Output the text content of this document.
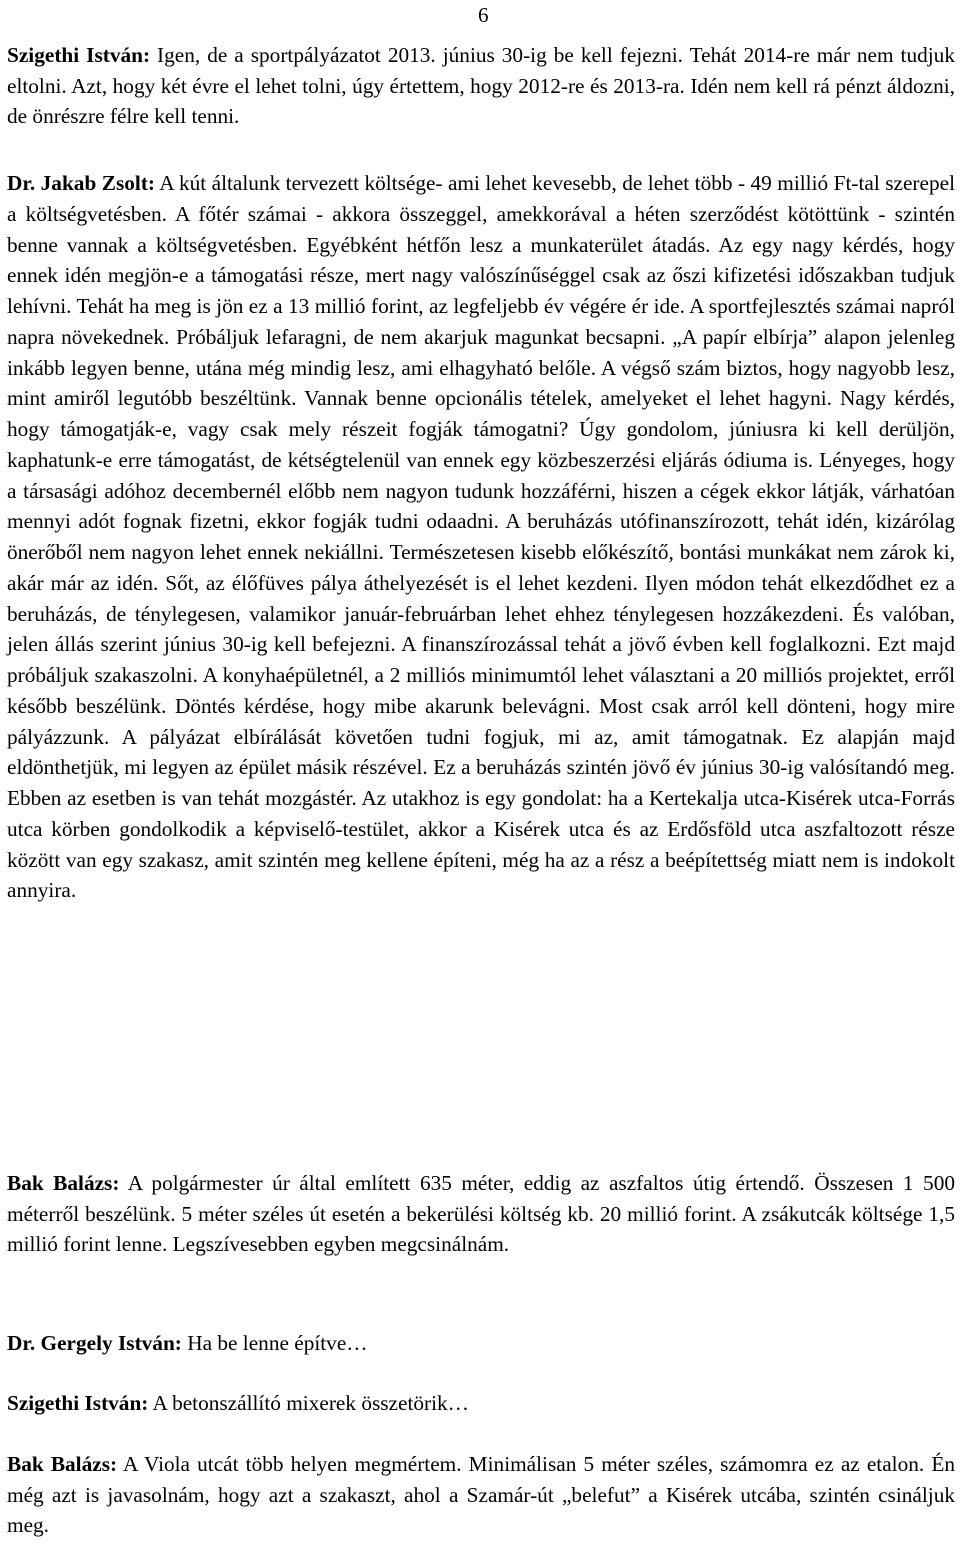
6

Szigethi István: Igen, de a sportpályázatot 2013. június 30-ig be kell fejezni. Tehát 2014-re már nem tudjuk eltolni. Azt, hogy két évre el lehet tolni, úgy értettem, hogy 2012-re és 2013-ra. Idén nem kell rá pénzt áldozni, de önrészre félre kell tenni.

Dr. Jakab Zsolt: A kút általunk tervezett költsége- ami lehet kevesebb, de lehet több - 49 millió Ft-tal szerepel a költségvetésben. A főtér számai - akkora összeggel, amekkorával a héten szerződést kötöttünk - szintén benne vannak a költségvetésben. Egyébként hétfőn lesz a munkaterület átadás. Az egy nagy kérdés, hogy ennek idén megjön-e a támogatási része, mert nagy valószínűséggel csak az őszi kifizetési időszakban tudjuk lehívni. Tehát ha meg is jön ez a 13 millió forint, az legfeljebb év végére ér ide. A sportfejlesztés számai napról napra növekednek. Próbáljuk lefaragni, de nem akarjuk magunkat becsapni. „A papír elbírja” alapon jelenleg inkább legyen benne, utána még mindig lesz, ami elhagyható belőle. A végső szám biztos, hogy nagyobb lesz, mint amiről legutóbb beszéltünk. Vannak benne opcionális tételek, amelyeket el lehet hagyni. Nagy kérdés, hogy támogatják-e, vagy csak mely részeit fogják támogatni? Úgy gondolom, júniusra ki kell derüljön, kaphatunk-e erre támogatást, de kétségtelenül van ennek egy közbeszerzési eljárás ódiuma is. Lényeges, hogy a társasági adóhoz decembernél előbb nem nagyon tudunk hozzáférni, hiszen a cégek ekkor látják, várhatóan mennyi adót fognak fizetni, ekkor fogják tudni odaadni. A beruházás utófinanszírozott, tehát idén, kizárólag önerőből nem nagyon lehet ennek nekiállni. Természetesen kisebb előkészítő, bontási munkákat nem zárok ki, akár már az idén. Sőt, az élőfüves pálya áthelyezését is el lehet kezdeni. Ilyen módon tehát elkezdődhet ez a beruházás, de ténylegesen, valamikor január-februárban lehet ehhez ténylegesen hozzákezdeni. És valóban, jelen állás szerint június 30-ig kell befejezni. A finanszírozással tehát a jövő évben kell foglalkozni. Ezt majd próbáljuk szakaszolni. A konyhaépületnél, a 2 milliós minimumtól lehet választani a 20 milliós projektet, erről később beszélünk. Döntés kérdése, hogy mibe akarunk belevágni. Most csak arról kell dönteni, hogy mire pályázzunk. A pályázat elbírálását követően tudni fogjuk, mi az, amit támogatnak. Ez alapján majd eldönthetjük, mi legyen az épület másik részével. Ez a beruházás szintén jövő év június 30-ig valósítandó meg. Ebben az esetben is van tehát mozgástér. Az utakhoz is egy gondolat: ha a Kertekalja utca-Kisérek utca-Forrás utca körben gondolkodik a képviselő-testület, akkor a Kisérek utca és az Erdősföld utca aszfaltozott része között van egy szakasz, amit szintén meg kellene építeni, még ha az a rész a beépítettség miatt nem is indokolt annyira.

Bak Balázs: A polgármester úr által említett 635 méter, eddig az aszfaltos útig értendő. Összesen 1 500 méterről beszélünk. 5 méter széles út esetén a bekerülési költség kb. 20 millió forint. A zsákutcák költsége 1,5 millió forint lenne. Legszívesebben egyben megcsinálnám.

Dr. Gergely István: Ha be lenne építve…

Szigethi István: A betonszállító mixerek összetörik…

Bak Balázs: A Viola utcát több helyen megmértem. Minimálisan 5 méter széles, számomra ez az etalon. Én még azt is javasolnám, hogy azt a szakaszt, ahol a Szamár-út „belefut” a Kisérek utcába, szintén csináljuk meg.
